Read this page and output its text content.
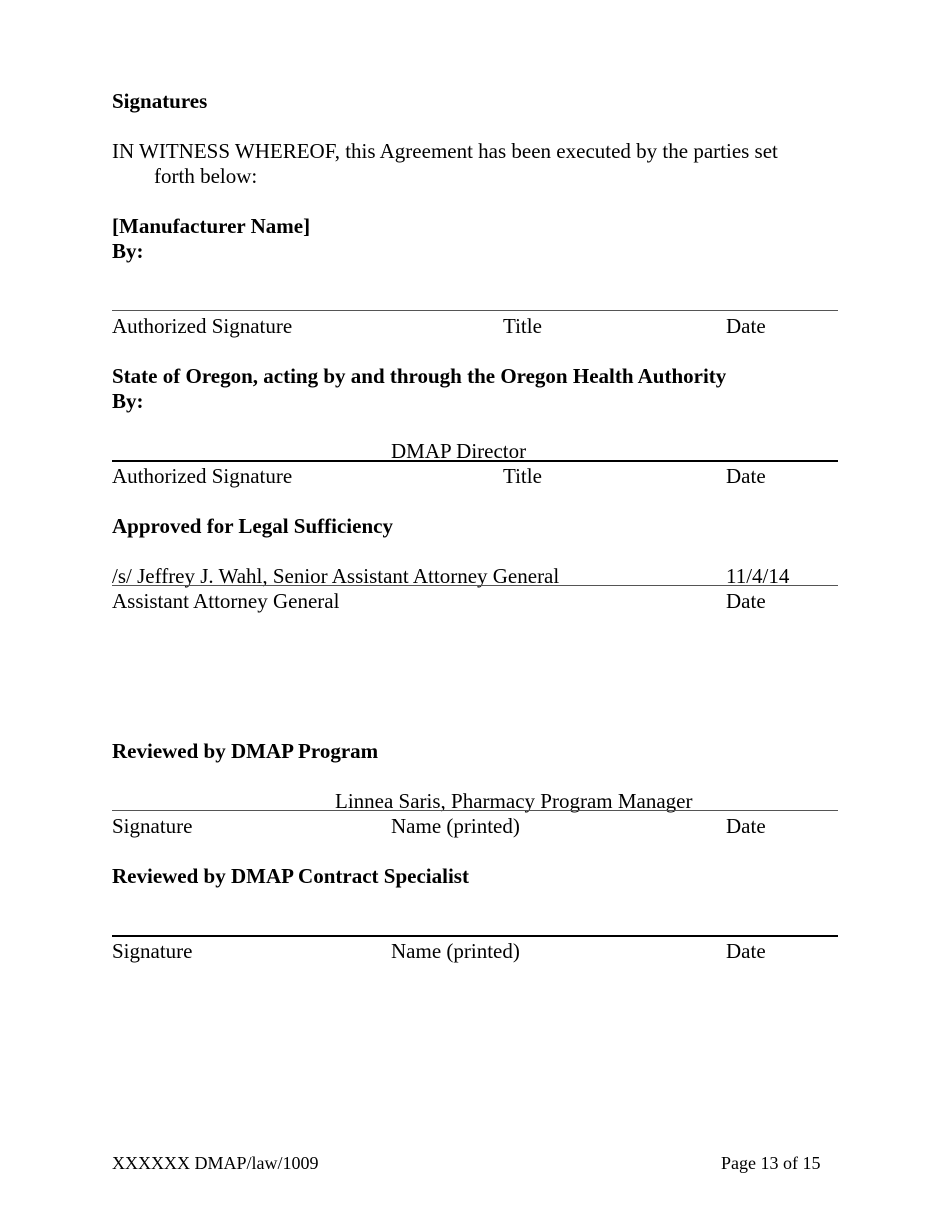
Signatures
IN WITNESS WHEREOF, this Agreement has been executed by the parties set
forth below:
[Manufacturer Name]
By:
Authorized Signature	Title	Date
State of Oregon, acting by and through the Oregon Health Authority
By:
DMAP Director
Authorized Signature	Title	Date
Approved for Legal Sufficiency
/s/ Jeffrey J. Wahl, Senior Assistant Attorney General	11/4/14
Assistant Attorney General	Date
Reviewed by DMAP Program
Linnea Saris, Pharmacy Program Manager
Signature	Name (printed)	Date
Reviewed by DMAP Contract Specialist
Signature	Name (printed)	Date
XXXXXX DMAP/law/1009	Page 13 of 15
